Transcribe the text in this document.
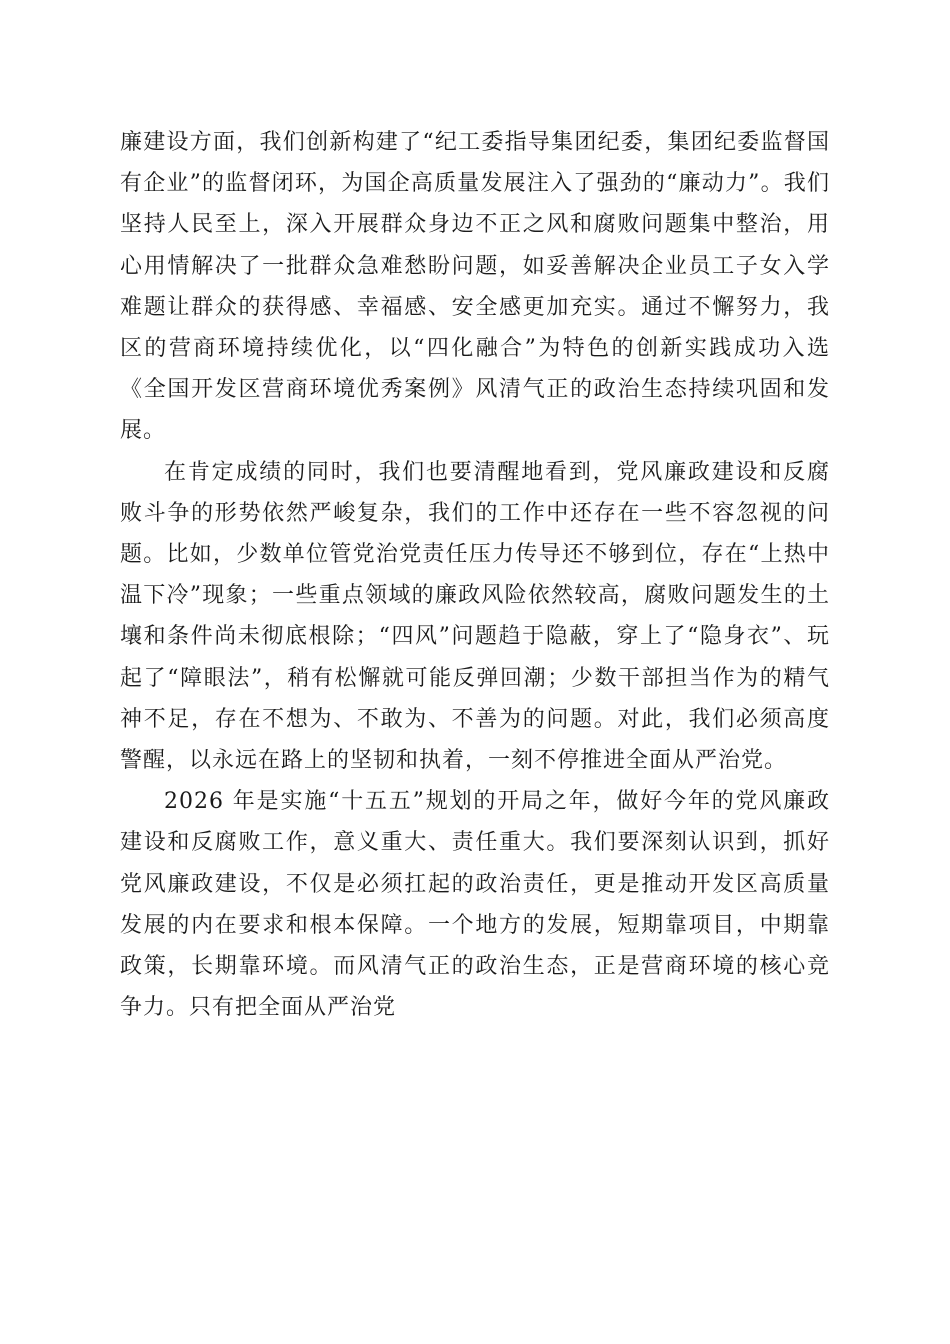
廉建设方面，我们创新构建了“纪工委指导集团纪委，集团纪委监督国有企业”的监督闭环，为国企高质量发展注入了强劲的“廉动力”。我们坚持人民至上，深入开展群众身边不正之风和腐败问题集中整治，用心用情解决了一批群众急难愁盼问题，如妥善解决企业员工子女入学难题让群众的获得感、幸福感、安全感更加充实。通过不懈努力，我区的营商环境持续优化，以“四化融合”为特色的创新实践成功入选《全国开发区营商环境优秀案例》风清气正的政治生态持续巩固和发展。

在肯定成绩的同时，我们也要清醒地看到，党风廉政建设和反腐败斗争的形势依然严峻复杂，我们的工作中还存在一些不容忽视的问题。比如，少数单位管党治党责任压力传导还不够到位，存在“上热中温下冷”现象；一些重点领域的廉政风险依然较高，腐败问题发生的土壤和条件尚未彻底根除；“四风”问题趋于隐蔽，穿上了“隐身衣”、玩起了“障眼法”，稍有松懈就可能反弹回潮；少数干部担当作为的精气神不足，存在不想为、不敢为、不善为的问题。对此，我们必须高度警醒，以永远在路上的坚韧和执着，一刻不停推进全面从严治党。

2026 年是实施“十五五”规划的开局之年，做好今年的党风廉政建设和反腐败工作，意义重大、责任重大。我们要深刻认识到，抓好党风廉政建设，不仅是必须扛起的政治责任，更是推动开发区高质量发展的内在要求和根本保障。一个地方的发展，短期靠项目，中期靠政策，长期靠环境。而风清气正的政治生态，正是营商环境的核心竞争力。只有把全面从严治党
